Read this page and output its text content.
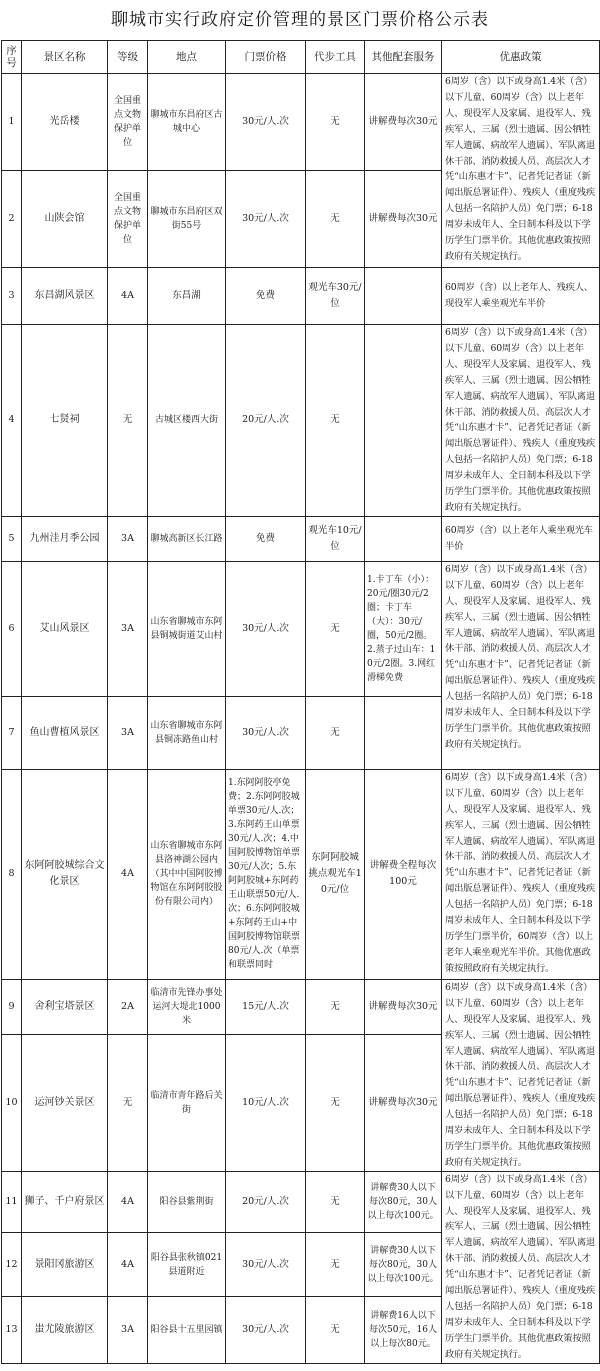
聊城市实行政府定价管理的景区门票价格公示表
序号	景区名称	等级	地点	门票价格	代步工具	其他配套服务	优惠政策
1	光岳楼	全国重点文物保护单位	聊城市东昌府区古城中心	30元/人.次	无	讲解费每次30元	6周岁（含）以下或身高1.4米（含）以下儿童、60周岁（含）以上老年人、现役军人及家属、退役军人、残疾军人、三属（烈士遗属、因公牺牲军人遗属、病故军人遗属）、军队离退休干部、消防救援人员、高层次人才凭“山东惠才卡”、记者凭记者证（新闻出版总署证件）、残疾人（重度残疾人包括一名陪护人员）免门票；6-18周岁未成年人、全日制本科及以下学历学生门票半价。其他优惠政策按照政府有关规定执行。
2	山陕会馆	全国重点文物保护单位	聊城市东昌府区双街55号	30元/人.次	无	讲解费每次30元	
3	东昌湖风景区	4A	东昌湖	免费	观光车30元/位		60周岁（含）以上老年人、残疾人、现役军人乘坐观光车半价
4	七贤祠	无	古城区楼西大街	20元/人.次	无		6周岁（含）以下或身高1.4米（含）以下儿童、60周岁（含）以上老年人、现役军人及家属、退役军人、残疾军人、三属（烈士遗属、因公牺牲军人遗属、病故军人遗属）、军队离退休干部、消防救援人员、高层次人才凭“山东惠才卡”、记者凭记者证（新闻出版总署证件）、残疾人（重度残疾人包括一名陪护人员）免门票；6-18周岁未成年人、全日制本科及以下学历学生门票半价。其他优惠政策按照政府有关规定执行。
5	九州洼月季公园	3A	聊城高新区长江路	免费	观光车10元/位		60周岁（含）以上老年人乘坐观光车半价
6	艾山风景区	3A	山东省聊城市东阿县铜城街道艾山村	30元/人.次	无	1.卡丁车（小）：20元/圈30元/2圈；卡丁车（大）：30元/圈，50元/2圈。2.蒸子过山车：10元/2圈。3.网红滑梯免费	6周岁（含）以下或身高1.4米（含）以下儿童、60周岁（含）以上老年人、现役军人及家属、退役军人、残疾军人、三属（烈士遗属、因公牺牲军人遗属、病故军人遗属）、军队离退休干部、消防救援人员、高层次人才凭“山东惠才卡”、记者凭记者证（新闻出版总署证件）、残疾人（重度残疾人包括一名陪护人员）免门票；6-18周岁未成年人、全日制本科及以下学历学生门票半价。其他优惠政策按照政府有关规定执行。
7	鱼山曹植风景区	3A	山东省聊城市东阿县铜冻路鱼山村	30元/人.次	无		
8	东阿阿胶城综合文化景区	4A	山东省聊城市东阿县洛神湖公园内（其中中国阿胶博物馆在东阿阿胶股份有限公司内）	1.东阿阿胶亭免费；2.东阿阿胶城单票30元/人.次；3.东阿药王山单票30元/人.次；4.中国阿胶博物馆单票30元/人次；5.东阿阿胶城+东阿药王山联票50元/人.次；6.东阿阿胶城+东阿药王山+中国阿胶博物馆联票80元/人.次（单票和联票同时	东阿阿胶城挑点观光车10元/位	讲解费全程每次100元	6周岁（含）以下或身高1.4米（含）以下儿童、60周岁（含）以上老年人、现役军人及家属、退役军人、残疾军人、三属（烈士遗属、因公牺牲军人遗属、病故军人遗属）、军队离退休干部、消防救援人员、高层次人才凭“山东惠才卡”、记者凭记者证（新闻出版总署证件）、残疾人（重度残疾人包括一名陪护人员）免门票；6-18周岁未成年人、全日制本科及以下学历学生门票半价，60周岁（含）以上老年人乘坐观光车半价。其他优惠政策按照政府有关规定执行。
9	舍利宝塔景区	2A	临清市先锋办事处运河大堤北1000米	15元/人.次	无	讲解费每次30元	6周岁（含）以下或身高1.4米（含）以下儿童、60周岁（含）以上老年人、现役军人及家属、退役军人、残疾军人、三属（烈士遗属、因公牺牲军人遗属、病故军人遗属）、军队离退休干部、消防救援人员、高层次人才凭“山东惠才卡”、记者凭记者证（新闻出版总署证件）、残疾人（重度残疾人包括一名陪护人员）免门票；6-18周岁未成年人、全日制本科及以下学历学生门票半价。其他优惠政策按照政府有关规定执行。
10	运河钞关景区	无	临清市青年路后关街	10元/人.次	无	讲解费每次30元	
11	狮子、千户府景区	4A	阳谷县紫荆街	20元/人.次	无	讲解费30人以下每次80元，30人以上每次100元。	6周岁（含）以下或身高1.4米（含）以下儿童、60周岁（含）以上老年人、现役军人及家属、退役军人、残疾军人、三属（烈士遗属、因公牺牲军人遗属、病故军人遗属）、军队离退休干部、消防救援人员、高层次人才凭“山东惠才卡”、记者凭记者证（新闻出版总署证件）、残疾人（重度残疾人包括一名陪护人员）免门票；6-18周岁未成年人、全日制本科及以下学历学生门票半价。其他优惠政策按照政府有关规定执行。
12	景阳冈旅游区	4A	阳谷县张秋镇021县道附近	30元/人.次	无	讲解费30人以下每次80元，30人以上每次100元。	
13	蚩尤陵旅游区	3A	阳谷县十五里园镇	30元/人.次	无	讲解费16人以下每次50元，16人以上每次80元。	
